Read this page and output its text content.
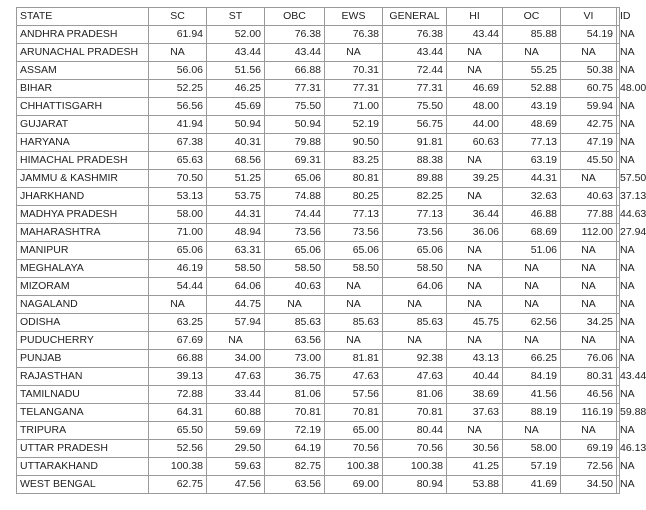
STATE	SC	ST	OBC	EWS	GENERAL	HI	OC	VI	ID
ANDHRA PRADESH	61.94	52.00	76.38	76.38	76.38	43.44	85.88	54.19	NA
ARUNACHAL PRADESH	NA	43.44	43.44	NA	43.44	NA	NA	NA	NA
ASSAM	56.06	51.56	66.88	70.31	72.44	NA	55.25	50.38	NA
BIHAR	52.25	46.25	77.31	77.31	77.31	46.69	52.88	60.75	48.00
CHHATTISGARH	56.56	45.69	75.50	71.00	75.50	48.00	43.19	59.94	NA
GUJARAT	41.94	50.94	50.94	52.19	56.75	44.00	48.69	42.75	NA
HARYANA	67.38	40.31	79.88	90.50	91.81	60.63	77.13	47.19	NA
HIMACHAL PRADESH	65.63	68.56	69.31	83.25	88.38	NA	63.19	45.50	NA
JAMMU & KASHMIR	70.50	51.25	65.06	80.81	89.88	39.25	44.31	NA	57.50
JHARKHAND	53.13	53.75	74.88	80.25	82.25	NA	32.63	40.63	37.13
MADHYA PRADESH	58.00	44.31	74.44	77.13	77.13	36.44	46.88	77.88	44.63
MAHARASHTRA	71.00	48.94	73.56	73.56	73.56	36.06	68.69	112.00	27.94
MANIPUR	65.06	63.31	65.06	65.06	65.06	NA	51.06	NA	NA
MEGHALAYA	46.19	58.50	58.50	58.50	58.50	NA	NA	NA	NA
MIZORAM	54.44	64.06	40.63	NA	64.06	NA	NA	NA	NA
NAGALAND	NA	44.75	NA	NA	NA	NA	NA	NA	NA
ODISHA	63.25	57.94	85.63	85.63	85.63	45.75	62.56	34.25	NA
PUDUCHERRY	67.69	NA	63.56	NA	NA	NA	NA	NA	NA
PUNJAB	66.88	34.00	73.00	81.81	92.38	43.13	66.25	76.06	NA
RAJASTHAN	39.13	47.63	36.75	47.63	47.63	40.44	84.19	80.31	43.44
TAMILNADU	72.88	33.44	81.06	57.56	81.06	38.69	41.56	46.56	NA
TELANGANA	64.31	60.88	70.81	70.81	70.81	37.63	88.19	116.19	59.88
TRIPURA	65.50	59.69	72.19	65.00	80.44	NA	NA	NA	NA
UTTAR PRADESH	52.56	29.50	64.19	70.56	70.56	30.56	58.00	69.19	46.13
UTTARAKHAND	100.38	59.63	82.75	100.38	100.38	41.25	57.19	72.56	NA
WEST BENGAL	62.75	47.56	63.56	69.00	80.94	53.88	41.69	34.50	NA
